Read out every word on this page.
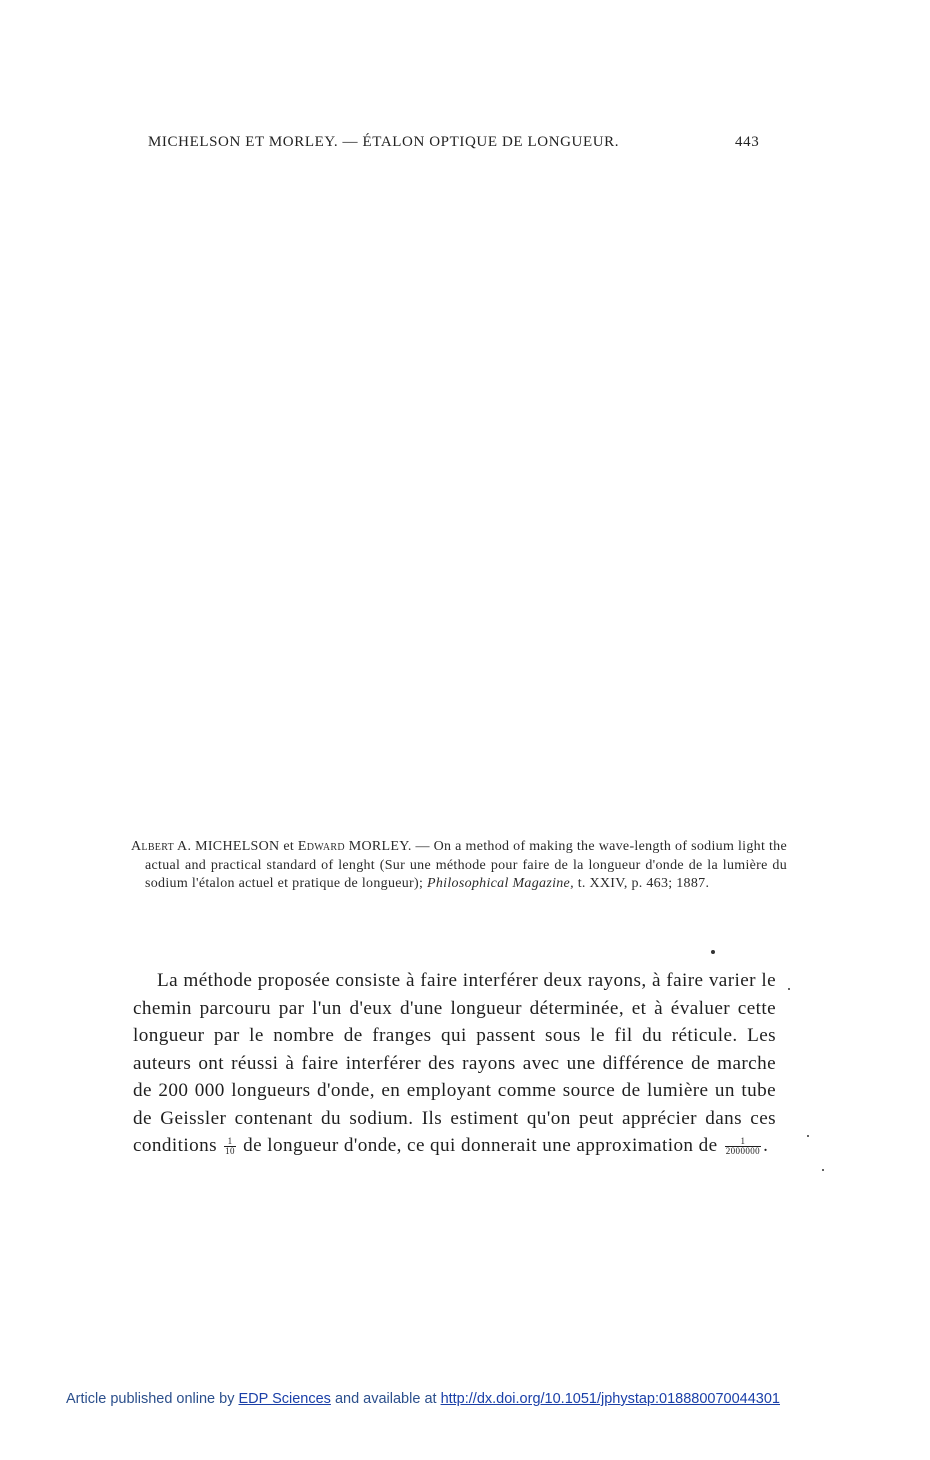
MICHELSON ET MORLEY. — ÉTALON OPTIQUE DE LONGUEUR.	443
Albert A. MICHELSON et Edward MORLEY. — On a method of making the wave-length of sodium light the actual and practical standard of lenght (Sur une méthode pour faire de la longueur d'onde de la lumière du sodium l'étalon actuel et pratique de longueur); Philosophical Magazine, t. XXIV, p. 463; 1887.
La méthode proposée consiste à faire interférer deux rayons, à faire varier le chemin parcouru par l'un d'eux d'une longueur déterminée, et à évaluer cette longueur par le nombre de franges qui passent sous le fil du réticule. Les auteurs ont réussi à faire interférer des rayons avec une différence de marche de 200 000 longueurs d'onde, en employant comme source de lumière un tube de Geissler contenant du sodium. Ils estiment qu'on peut apprécier dans ces conditions $\frac{1}{10}$ de longueur d'onde, ce qui donnerait une approximation de $\frac{1}{2000000}$ .
Article published online by EDP Sciences and available at http://dx.doi.org/10.1051/jphystap:018880070044301
